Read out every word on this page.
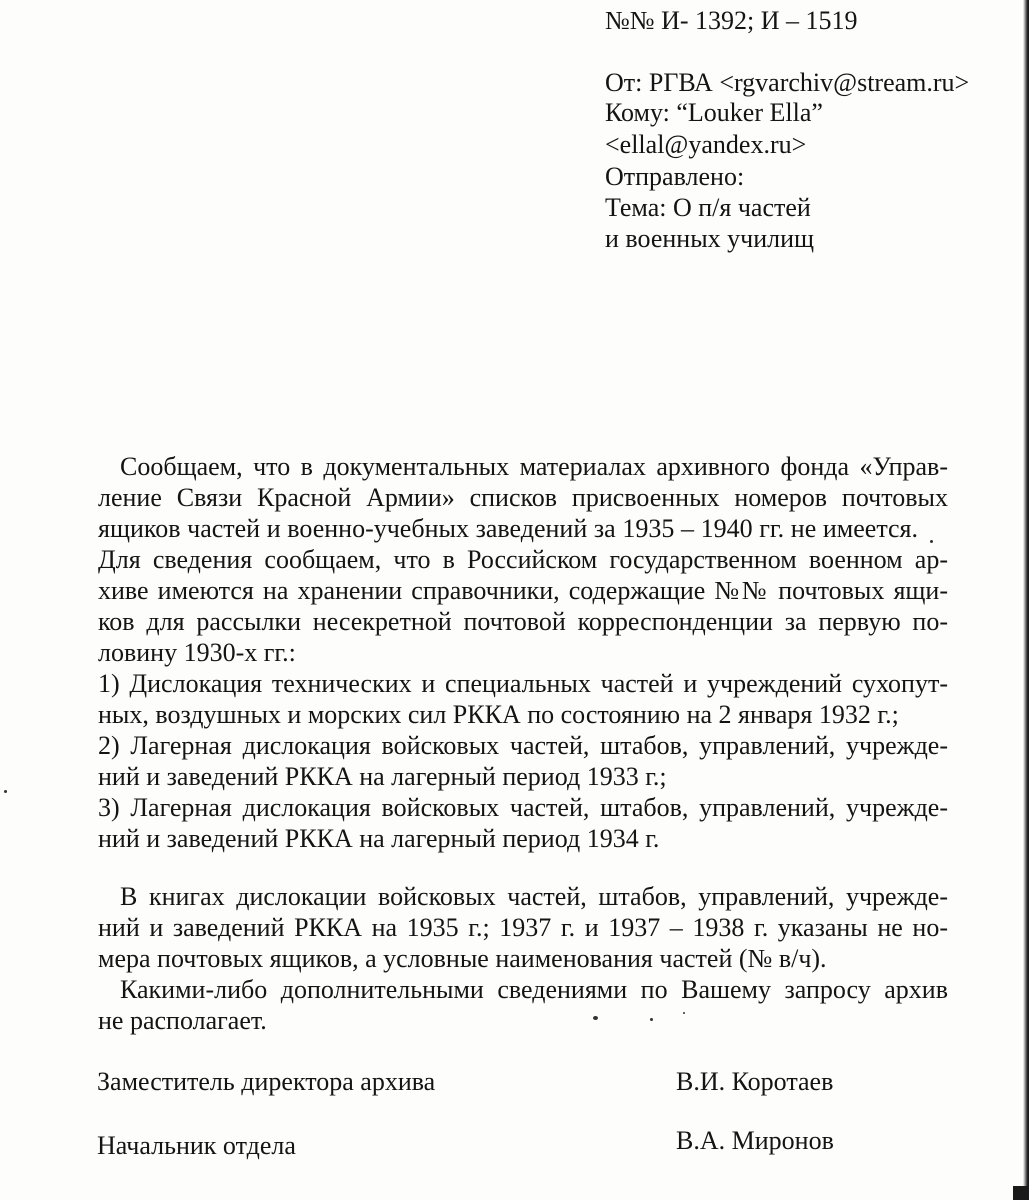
№№ И- 1392; И – 1519
От: РГВА <rgvarchiv@stream.ru>
Кому: “Louker Ella”
<ellal@yandex.ru>
Отправлено:
Тема: О п/я частей
и военных училищ
Сообщаем, что в документальных материалах архивного фонда «Управ-
ление Связи Красной Армии» списков присвоенных номеров почтовых
ящиков частей и военно-учебных заведений за 1935 – 1940 гг. не имеется.
Для сведения сообщаем, что в Российском государственном военном ар-
хиве имеются на хранении справочники, содержащие №№ почтовых ящи-
ков для рассылки несекретной почтовой корреспонденции за первую по-
ловину 1930-х гг.:
1) Дислокация технических и специальных частей и учреждений сухопут-
ных, воздушных и морских сил РККА по состоянию на 2 января 1932 г.;
2) Лагерная дислокация войсковых частей, штабов, управлений, учрежде-
ний и заведений РККА на лагерный период 1933 г.;
3) Лагерная дислокация войсковых частей, штабов, управлений, учрежде-
ний и заведений РККА на лагерный период 1934 г.
В книгах дислокации войсковых частей, штабов, управлений, учрежде-
ний и заведений РККА на 1935 г.; 1937 г. и 1937 – 1938 г. указаны не но-
мера почтовых ящиков, а условные наименования частей (№ в/ч).
Какими-либо дополнительными сведениями по Вашему запросу архив
не располагает.
Заместитель директора архива	В.И. Коротаев
Начальник отдела	В.А. Миронов
